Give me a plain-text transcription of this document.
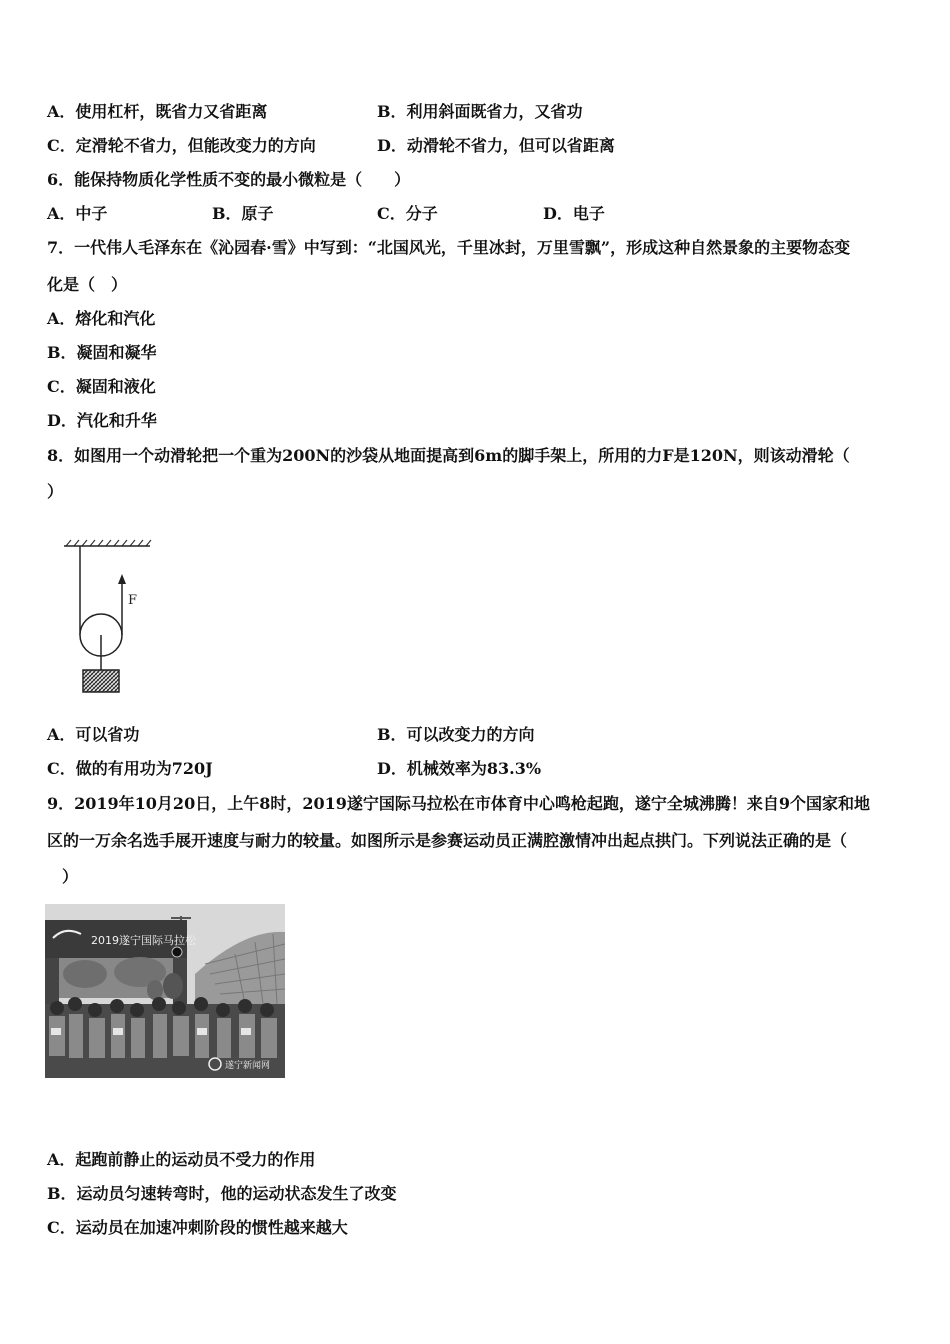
A．使用杠杆，既省力又省距离	B．利用斜面既省力，又省功
C．定滑轮不省力，但能改变力的方向	D．动滑轮不省力，但可以省距离
6．能保持物质化学性质不变的最小微粒是（　　）
A．中子	B．原子	C．分子	D．电子
7．一代伟人毛泽东在《沁园春·雪》中写到：“北国风光，千里冰封，万里雪飘”，形成这种自然景象的主要物态变
化是（　）
A．熔化和汽化
B．凝固和凝华
C．凝固和液化
D．汽化和升华
8．如图用一个动滑轮把一个重为200N的沙袋从地面提高到6m的脚手架上，所用的力F是120N，则该动滑轮（
）
F
A．可以省功	B．可以改变力的方向
C．做的有用功为720J	D．机械效率为83.3%
9．2019年10月20日，上午8时，2019遂宁国际马拉松在市体育中心鸣枪起跑，遂宁全城沸腾！来自9个国家和地
区的一万余名选手展开速度与耐力的较量。如图所示是参赛运动员正满腔激情冲出起点拱门。下列说法正确的是（
）
2019遂宁国际马拉松
遂宁新闻网
A．起跑前静止的运动员不受力的作用
B．运动员匀速转弯时，他的运动状态发生了改变
C．运动员在加速冲刺阶段的惯性越来越大
